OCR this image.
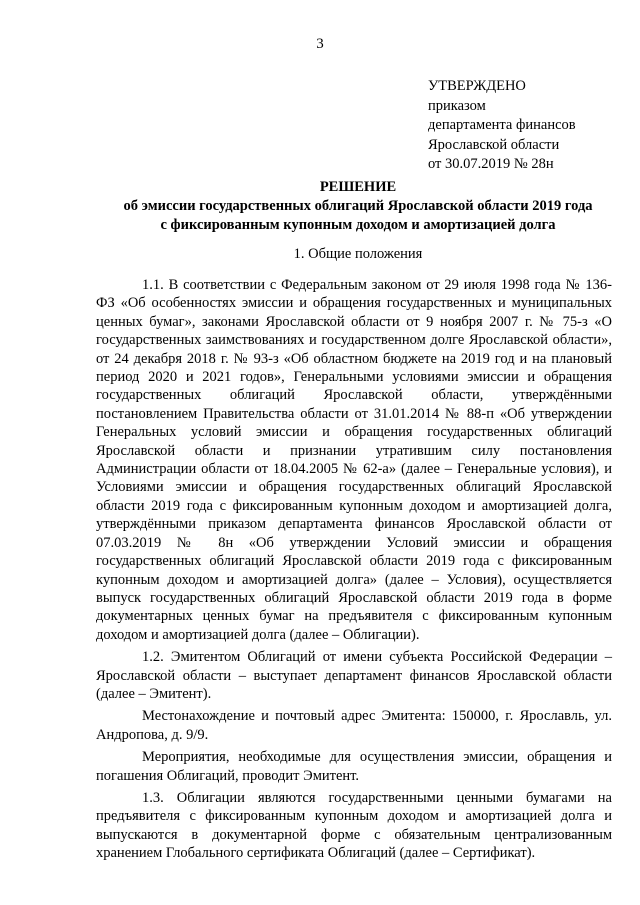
3
УТВЕРЖДЕНО
приказом
департамента финансов
Ярославской области
от 30.07.2019 № 28н
РЕШЕНИЕ
об эмиссии государственных облигаций Ярославской области 2019 года
с фиксированным купонным доходом и амортизацией долга
1. Общие положения

1.1. В соответствии с Федеральным законом от 29 июля 1998 года № 136-ФЗ «Об особенностях эмиссии и обращения государственных и муниципальных ценных бумаг», законами Ярославской области от 9 ноября 2007 г. № 75-з «О государственных заимствованиях и государственном долге Ярославской области», от 24 декабря 2018 г. № 93-з «Об областном бюджете на 2019 год и на плановый период 2020 и 2021 годов», Генеральными условиями эмиссии и обращения государственных облигаций Ярославской области, утверждёнными постановлением Правительства области от 31.01.2014 № 88-п «Об утверждении Генеральных условий эмиссии и обращения государственных облигаций Ярославской области и признании утратившим силу постановления Администрации области от 18.04.2005 № 62-а» (далее – Генеральные условия), и Условиями эмиссии и обращения государственных облигаций Ярославской области 2019 года с фиксированным купонным доходом и амортизацией долга, утверждёнными приказом департамента финансов Ярославской области от 07.03.2019 № 8н «Об утверждении Условий эмиссии и обращения государственных облигаций Ярославской области 2019 года с фиксированным купонным доходом и амортизацией долга» (далее – Условия), осуществляется выпуск государственных облигаций Ярославской области 2019 года в форме документарных ценных бумаг на предъявителя с фиксированным купонным доходом и амортизацией долга (далее – Облигации).

1.2. Эмитентом Облигаций от имени субъекта Российской Федерации – Ярославской области – выступает департамент финансов Ярославской области (далее – Эмитент).

Местонахождение и почтовый адрес Эмитента: 150000, г. Ярославль, ул. Андропова, д. 9/9.

Мероприятия, необходимые для осуществления эмиссии, обращения и погашения Облигаций, проводит Эмитент.

1.3. Облигации являются государственными ценными бумагами на предъявителя с фиксированным купонным доходом и амортизацией долга и выпускаются в документарной форме с обязательным централизованным хранением Глобального сертификата Облигаций (далее – Сертификат).
